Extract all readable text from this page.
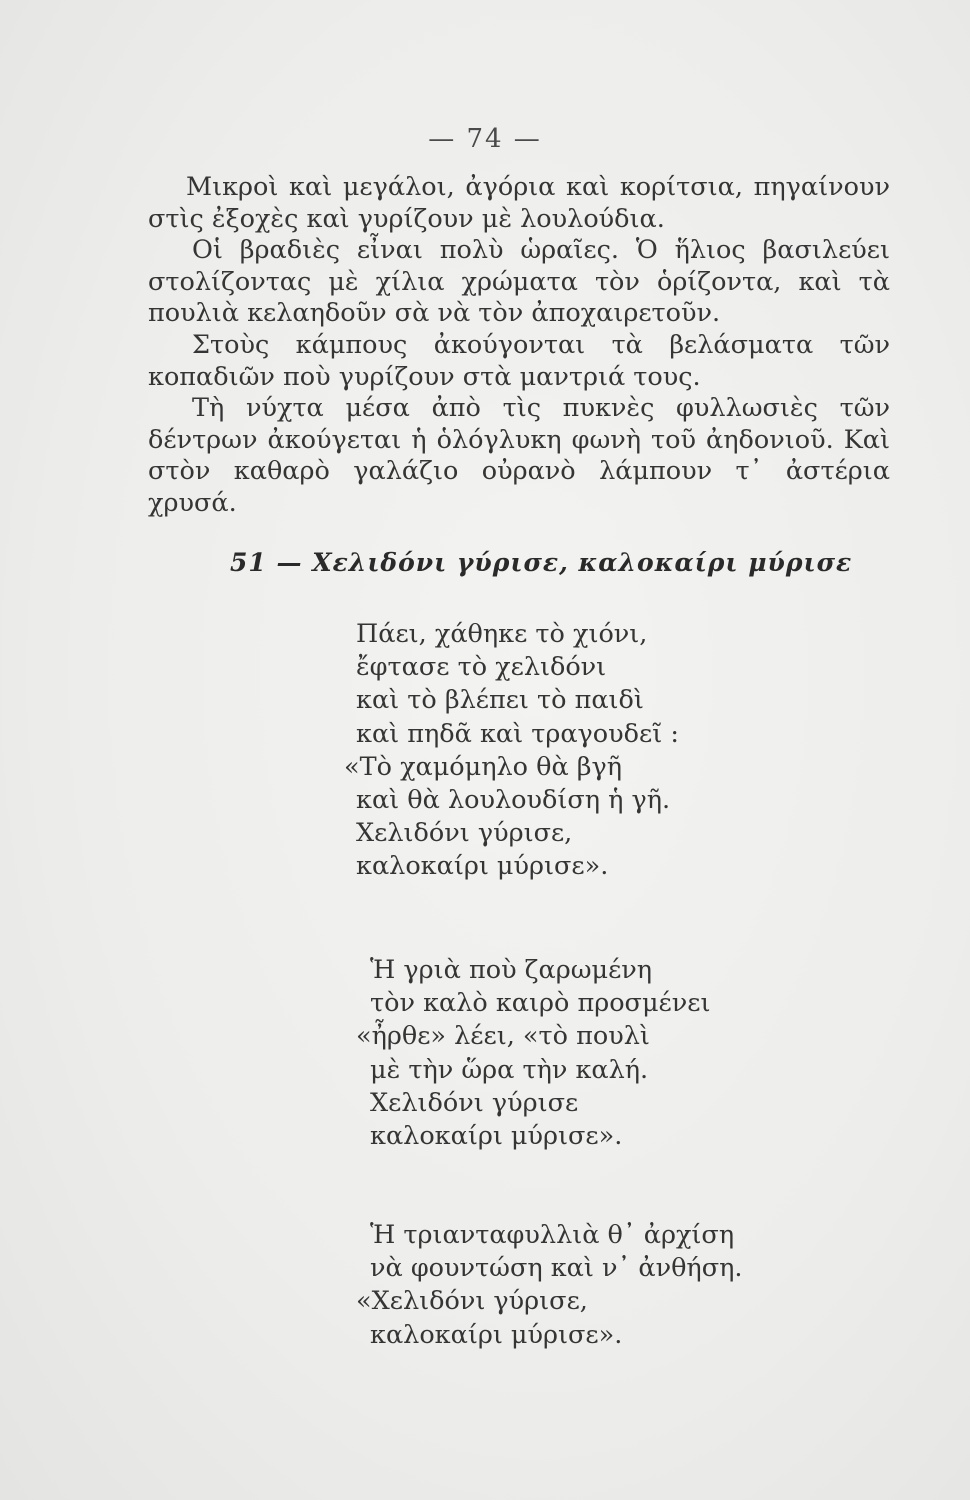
— 74 —

Μικροὶ καὶ μεγάλοι, ἀγόρια καὶ κορίτσια, πηγαίνουν στὶς ἐξοχὲς καὶ γυρίζουν μὲ λουλούδια.

Οἱ βραδιὲς εἶναι πολὺ ὡραῖες. Ὁ ἥλιος βασιλεύει στολίζοντας μὲ χίλια χρώματα τὸν ὁρίζοντα, καὶ τὰ πουλιὰ κελαηδοῦν σὰ νὰ τὸν ἀποχαιρετοῦν.

Στοὺς κάμπους ἀκούγονται τὰ βελάσματα τῶν κοπαδιῶν ποὺ γυρίζουν στὰ μαντριά τους.

Τὴ νύχτα μέσα ἀπὸ τὶς πυκνὲς φυλλωσιὲς τῶν δέντρων ἀκούγεται ἡ ὁλόγλυκη φωνὴ τοῦ ἀηδονιοῦ. Καὶ στὸν καθαρὸ γαλάζιο οὐρανὸ λάμπουν τ᾽ ἀστέρια χρυσά.

51 — Χελιδόνι γύρισε, καλοκαίρι μύρισε
Πάει, χάθηκε τὸ χιόνι,
ἔφτασε τὸ χελιδόνι
καὶ τὸ βλέπει τὸ παιδὶ
καὶ πηδᾶ καὶ τραγουδεῖ :
«Τὸ χαμόμηλο θὰ βγῆ
καὶ θὰ λουλουδίση ἡ γῆ.
Χελιδόνι γύρισε,
καλοκαίρι μύρισε».
Ἡ γριὰ ποὺ ζαρωμένη
τὸν καλὸ καιρὸ προσμένει
«ἦρθε» λέει, «τὸ πουλὶ
μὲ τὴν ὥρα τὴν καλή.
Χελιδόνι γύρισε
καλοκαίρι μύρισε».
Ἡ τριανταφυλλιὰ θ᾽ ἀρχίση
νὰ φουντώση καὶ ν᾽ ἀνθήση.
«Χελιδόνι γύρισε,
καλοκαίρι μύρισε».
